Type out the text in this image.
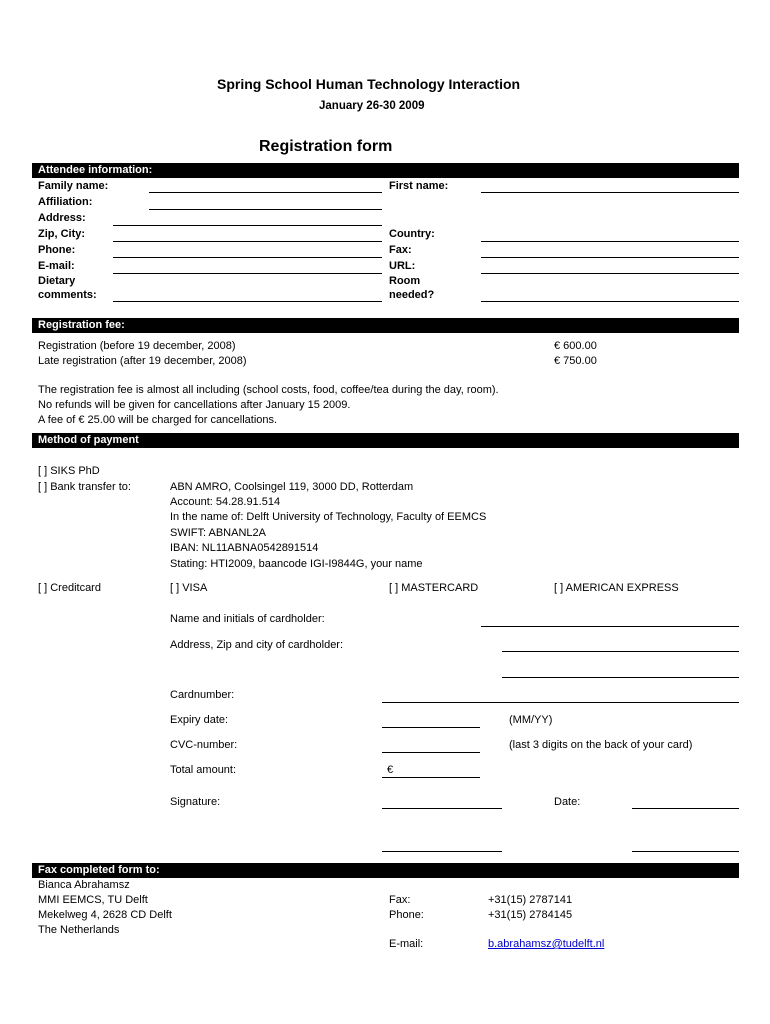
Spring School Human Technology Interaction
January 26-30 2009
Registration form
Attendee information:
Family name:	First name:
Affiliation:
Address:
Zip, City:	Country:
Phone:	Fax:
E-mail:	URL:
Dietary
comments:
Room
needed?
Registration fee:
Registration (before 19 december, 2008)	€ 600.00
Late registration (after 19 december, 2008)	€ 750.00
The registration fee is almost all including (school costs, food, coffee/tea during the day, room).
No refunds will be given for cancellations after January 15 2009.
A fee of € 25.00 will be charged for cancellations.
Method of payment
[ ] SIKS PhD
[ ] Bank transfer to:	ABN AMRO, Coolsingel 119, 3000 DD, Rotterdam
Account: 54.28.91.514
In the name of: Delft University of Technology, Faculty of EEMCS
SWIFT: ABNANL2A
IBAN: NL11ABNA0542891514
Stating: HTI2009, baancode IGI-I9844G, your name
[ ] Creditcard	[ ] VISA	[ ] MASTERCARD	[ ] AMERICAN EXPRESS
Name and initials of cardholder:
Address, Zip and city of cardholder:
Cardnumber:
Expiry date:	(MM/YY)
CVC-number:	(last 3 digits on the back of your card)
Total amount:	€
Signature:	Date:
Fax completed form to:
Bianca Abrahamsz
MMI EEMCS, TU Delft
Mekelweg 4, 2628 CD Delft
The Netherlands
Fax:	+31(15) 2787141
Phone:	+31(15) 2784145
E-mail:	b.abrahamsz@tudelft.nl
